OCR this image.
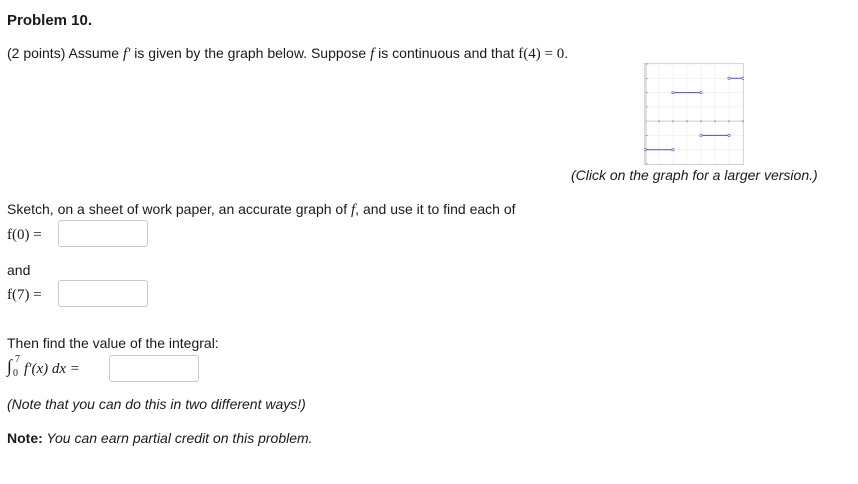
Problem 10.
(2 points) Assume f′ is given by the graph below. Suppose f is continuous and that f(4) = 0.
(Click on the graph for a larger version.)
Sketch, on a sheet of work paper, an accurate graph of f, and use it to find each of
f(0) =
and
f(7) =
Then find the value of the integral:
∫ 7
0 f′(x) dx =
(Note that you can do this in two different ways!)
Note: You can earn partial credit on this problem.
